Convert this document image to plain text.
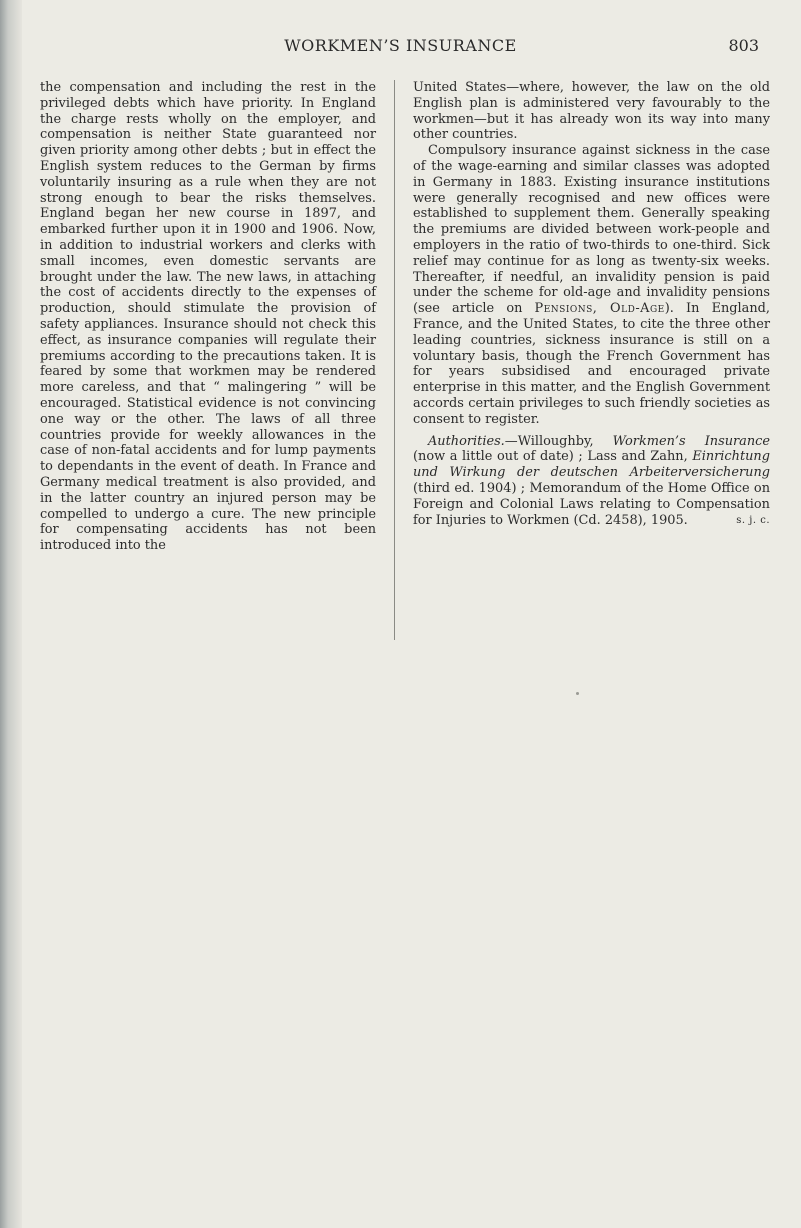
WORKMEN’S INSURANCE	803

the compensation and including the rest in the privileged debts which have priority. In England the charge rests wholly on the employer, and compensation is neither State guaranteed nor given priority among other debts ; but in effect the English system reduces to the German by firms voluntarily insuring as a rule when they are not strong enough to bear the risks themselves. England began her new course in 1897, and embarked further upon it in 1900 and 1906. Now, in addition to industrial workers and clerks with small incomes, even domestic servants are brought under the law. The new laws, in attaching the cost of accidents directly to the expenses of production, should stimulate the provision of safety appliances. Insurance should not check this effect, as insurance companies will regulate their premiums according to the precautions taken. It is feared by some that workmen may be rendered more careless, and that “ malingering ” will be encouraged. Statistical evidence is not convincing one way or the other. The laws of all three countries provide for weekly allowances in the case of non-fatal accidents and for lump payments to dependants in the event of death. In France and Germany medical treatment is also provided, and in the latter country an injured person may be compelled to undergo a cure. The new principle for compensating accidents has not been introduced into the

United States—where, however, the law on the old English plan is administered very favourably to the workmen—but it has already won its way into many other countries.

Compulsory insurance against sickness in the case of the wage-earning and similar classes was adopted in Germany in 1883. Existing insurance institutions were generally recognised and new offices were established to supplement them. Generally speaking the premiums are divided between work-people and employers in the ratio of two-thirds to one-third. Sick relief may continue for as long as twenty-six weeks. Thereafter, if needful, an invalidity pension is paid under the scheme for old-age and invalidity pensions (see article on Pensions, Old-Age). In England, France, and the United States, to cite the three other leading countries, sickness insurance is still on a voluntary basis, though the French Government has for years subsidised and encouraged private enterprise in this matter, and the English Government accords certain privileges to such friendly societies as consent to register.

Authorities.—Willoughby, Workmen’s Insurance (now a little out of date) ; Lass and Zahn, Einrichtung und Wirkung der deutschen Arbeiterversicherung (third ed. 1904) ; Memorandum of the Home Office on Foreign and Colonial Laws relating to Compensation for Injuries to Workmen (Cd. 2458), 1905.	s. j. c.
